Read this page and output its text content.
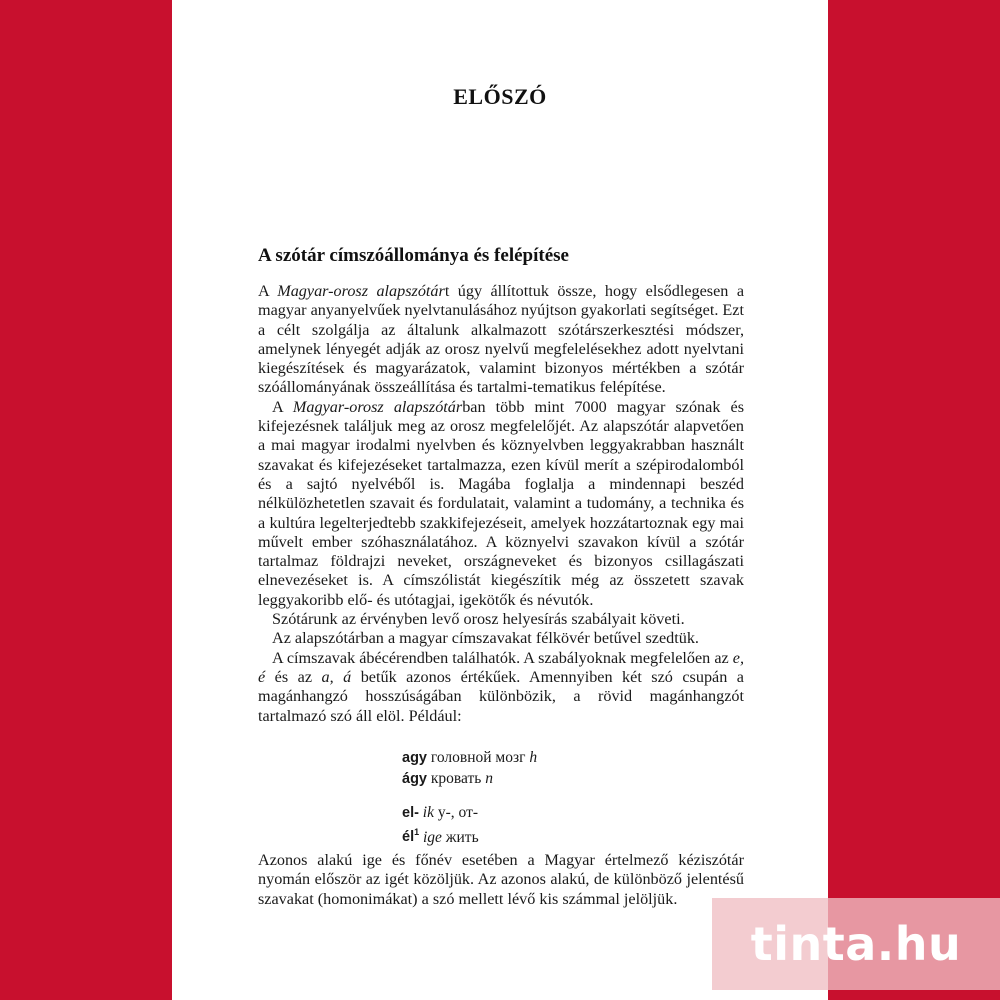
ELŐSZÓ
A szótár címszóállománya és felépítése

A Magyar-orosz alapszótárt úgy állítottuk össze, hogy elsődlegesen a magyar anyanyelvűek nyelvtanulásához nyújtson gyakorlati segítséget. Ezt a célt szolgálja az általunk alkalmazott szótárszerkesztési módszer, amelynek lényegét adják az orosz nyelvű megfelelésekhez adott nyelvtani kiegészítések és magyarázatok, valamint bizonyos mértékben a szótár szóállományának összeállítása és tartalmi-tematikus felépítése.

A Magyar-orosz alapszótárban több mint 7000 magyar szónak és kifejezésnek találjuk meg az orosz megfelelőjét. Az alapszótár alapvetően a mai magyar irodalmi nyelvben és köznyelvben leggyakrabban használt szavakat és kifejezéseket tartalmazza, ezen kívül merít a szépirodalomból és a sajtó nyelvéből is. Magába foglalja a mindennapi beszéd nélkülözhetetlen szavait és fordulatait, valamint a tudomány, a technika és a kultúra legelterjedtebb szakkifejezéseit, amelyek hozzátartoznak egy mai művelt ember szóhasználatához. A köznyelvi szavakon kívül a szótár tartalmaz földrajzi neveket, országneveket és bizonyos csillagászati elnevezéseket is. A címszólistát kiegészítik még az összetett szavak leggyakoribb elő- és utótagjai, igekötők és névutók.

Szótárunk az érvényben levő orosz helyesírás szabályait követi.

Az alapszótárban a magyar címszavakat félkövér betűvel szedtük.

A címszavak ábécérendben találhatók. A szabályoknak megfelelően az e, é és az a, á betűk azonos értékűek. Amennyiben két szó csupán a magánhangzó hosszúságában különbözik, a rövid magánhangzót tartalmazó szó áll elöl. Például:

agy головной мозг h
ágy кровать n
el- ik у-, от-
$él^1$ ige жить

Azonos alakú ige és főnév esetében a Magyar értelmező kéziszótár nyomán először az igét közöljük. Az azonos alakú, de különböző jelentésű szavakat (homonimákat) a szó mellett lévő kis számmal jelöljük.

tinta.hu
